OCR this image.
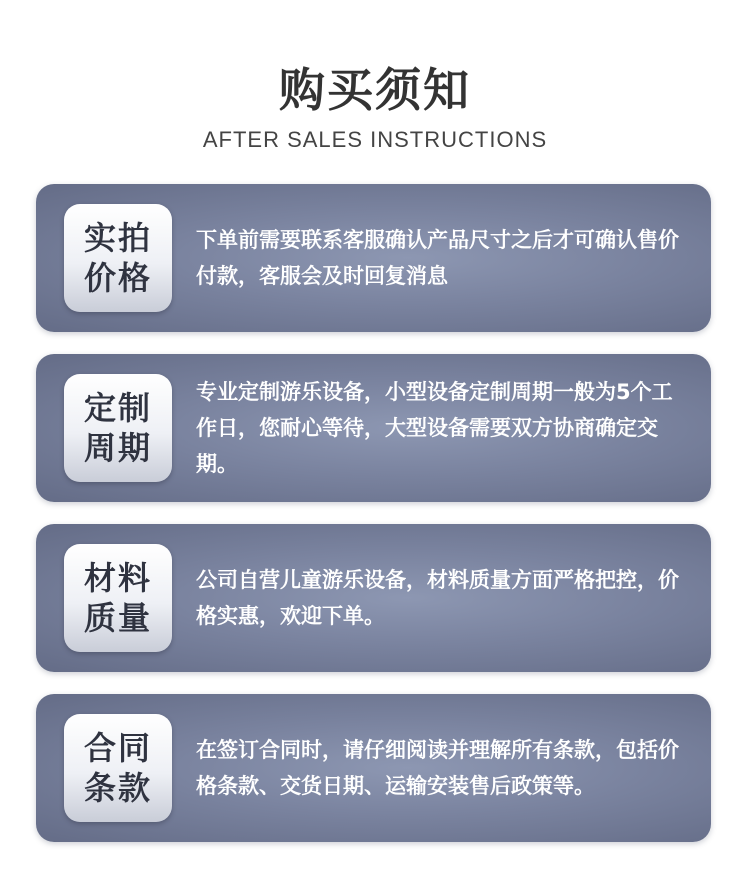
购买须知
AFTER SALES INSTRUCTIONS
实拍
价格
下单前需要联系客服确认产品尺寸之后才可确认售价付款，客服会及时回复消息
定制
周期
专业定制游乐设备，小型设备定制周期一般为5个工作日，您耐心等待，大型设备需要双方协商确定交期。
材料
质量
公司自营儿童游乐设备，材料质量方面严格把控，价格实惠，欢迎下单。
合同
条款
在签订合同时，请仔细阅读并理解所有条款，包括价格条款、交货日期、运输安装售后政策等。
